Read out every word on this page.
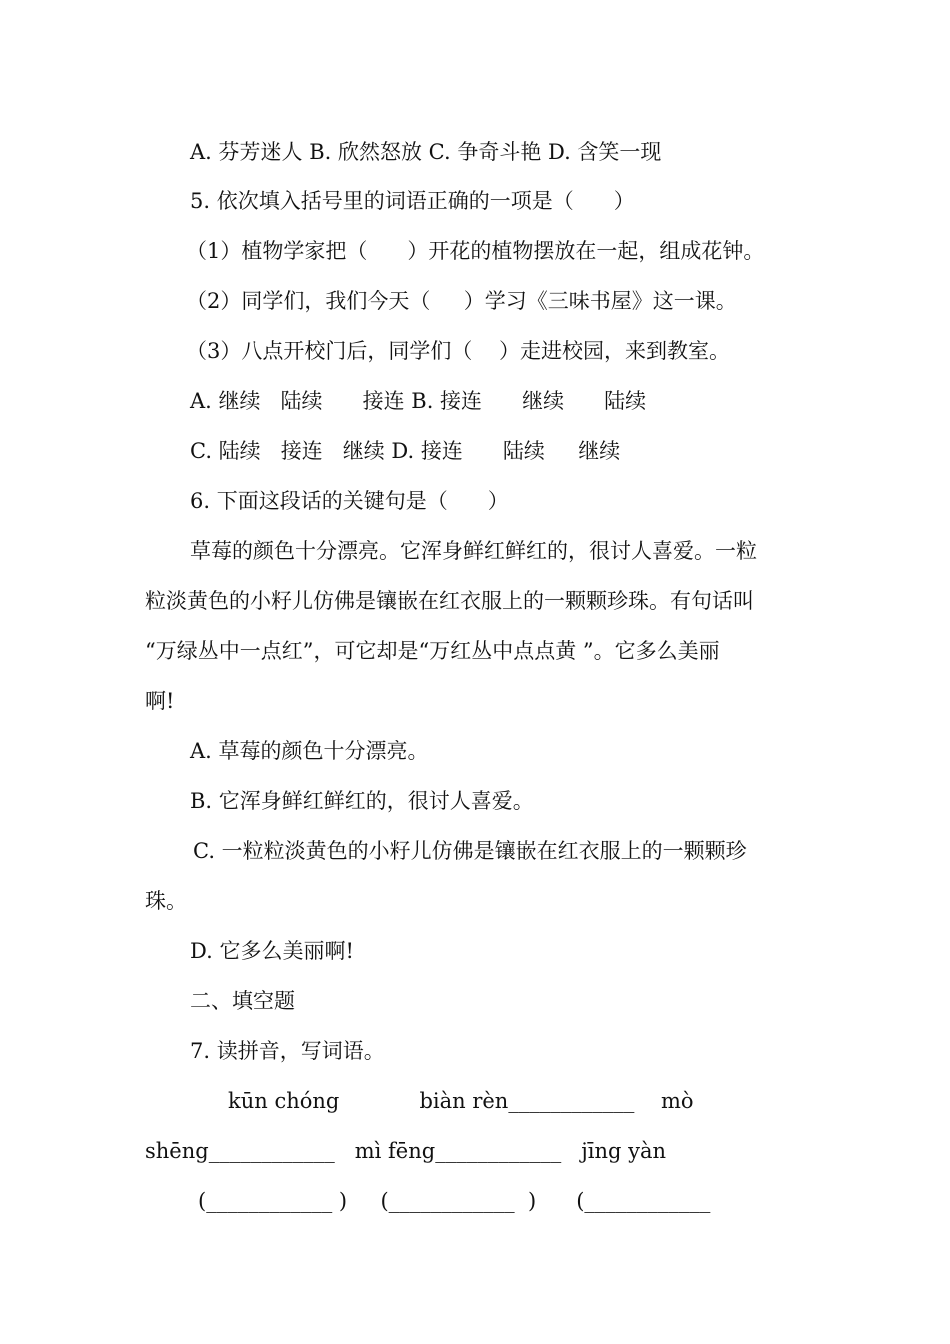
A. 芬芳迷人 B. 欣然怒放 C. 争奇斗艳 D. 含笑一现
5. 依次填入括号里的词语正确的一项是（      ）
（1）植物学家把（      ）开花的植物摆放在一起，组成花钟。
（2）同学们，我们今天（     ）学习《三味书屋》这一课。
（3）八点开校门后，同学们（    ）走进校园，来到教室。
A. 继续   陆续      接连 B. 接连      继续      陆续
C. 陆续   接连   继续 D. 接连      陆续     继续
6. 下面这段话的关键句是（      ）
草莓的颜色十分漂亮。它浑身鲜红鲜红的，很讨人喜爱。一粒
粒淡黄色的小籽儿仿佛是镶嵌在红衣服上的一颗颗珍珠。有句话叫
“万绿丛中一点红”，可它却是“万红丛中点点黄 ”。它多么美丽
啊!
A. 草莓的颜色十分漂亮。
B. 它浑身鲜红鲜红的，很讨人喜爱。
C. 一粒粒淡黄色的小籽儿仿佛是镶嵌在红衣服上的一颗颗珍
珠。
D. 它多么美丽啊!
二、填空题
7. 读拼音，写词语。
kūn chóng            biàn rèn____________    mò
shēng____________   mì fēng____________   jīng yàn
(____________ )     (____________  )      (____________
